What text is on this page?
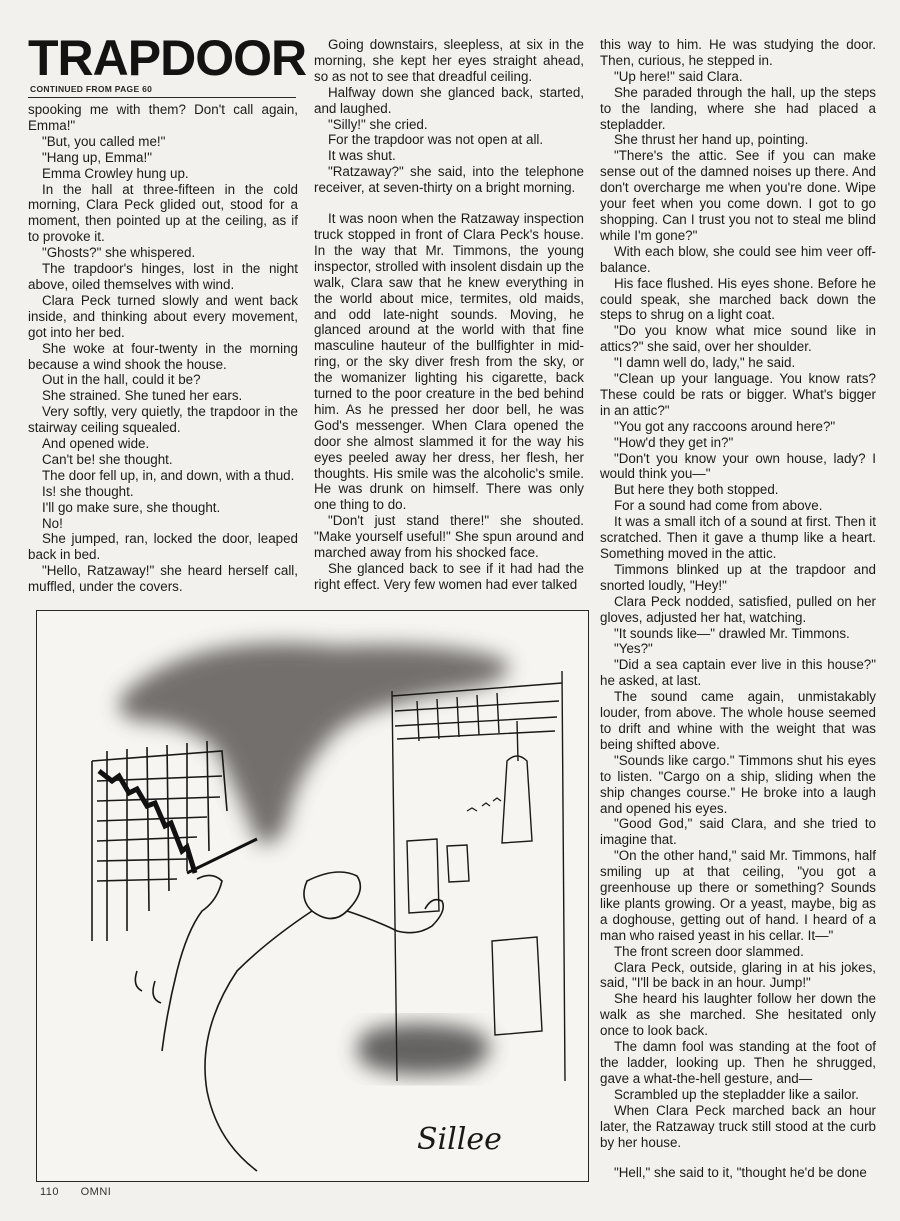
TRAPDOOR
CONTINUED FROM PAGE 60

spooking me with them? Don't call again, Emma!"

"But, you called me!"

"Hang up, Emma!"

Emma Crowley hung up.

In the hall at three-fifteen in the cold morning, Clara Peck glided out, stood for a moment, then pointed up at the ceiling, as if to provoke it.

"Ghosts?" she whispered.

The trapdoor's hinges, lost in the night above, oiled themselves with wind.

Clara Peck turned slowly and went back inside, and thinking about every movement, got into her bed.

She woke at four-twenty in the morning because a wind shook the house.

Out in the hall, could it be?

She strained. She tuned her ears.

Very softly, very quietly, the trapdoor in the stairway ceiling squealed.

And opened wide.

Can't be! she thought.

The door fell up, in, and down, with a thud.

Is! she thought.

I'll go make sure, she thought.

No!

She jumped, ran, locked the door, leaped back in bed.

"Hello, Ratzaway!" she heard herself call, muffled, under the covers.

Going downstairs, sleepless, at six in the morning, she kept her eyes straight ahead, so as not to see that dreadful ceiling.

Halfway down she glanced back, started, and laughed.

"Silly!" she cried.

For the trapdoor was not open at all.

It was shut.

"Ratzaway?" she said, into the telephone receiver, at seven-thirty on a bright morning.

It was noon when the Ratzaway inspection truck stopped in front of Clara Peck's house. In the way that Mr. Timmons, the young inspector, strolled with insolent disdain up the walk, Clara saw that he knew everything in the world about mice, termites, old maids, and odd late-night sounds. Moving, he glanced around at the world with that fine masculine hauteur of the bullfighter in mid-ring, or the sky diver fresh from the sky, or the womanizer lighting his cigarette, back turned to the poor creature in the bed behind him. As he pressed her door bell, he was God's messenger. When Clara opened the door she almost slammed it for the way his eyes peeled away her dress, her flesh, her thoughts. His smile was the alcoholic's smile. He was drunk on himself. There was only one thing to do.

"Don't just stand there!" she shouted. "Make yourself useful!" She spun around and marched away from his shocked face.

She glanced back to see if it had had the right effect. Very few women had ever talked

this way to him. He was studying the door. Then, curious, he stepped in.

"Up here!" said Clara.

She paraded through the hall, up the steps to the landing, where she had placed a stepladder.

She thrust her hand up, pointing.

"There's the attic. See if you can make sense out of the damned noises up there. And don't overcharge me when you're done. Wipe your feet when you come down. I got to go shopping. Can I trust you not to steal me blind while I'm gone?"

With each blow, she could see him veer off-balance.

His face flushed. His eyes shone. Before he could speak, she marched back down the steps to shrug on a light coat.

"Do you know what mice sound like in attics?" she said, over her shoulder.

"I damn well do, lady," he said.

"Clean up your language. You know rats? These could be rats or bigger. What's bigger in an attic?"

"You got any raccoons around here?"

"How'd they get in?"

"Don't you know your own house, lady? I would think you—"

But here they both stopped.

For a sound had come from above.

It was a small itch of a sound at first. Then it scratched. Then it gave a thump like a heart. Something moved in the attic.

Timmons blinked up at the trapdoor and snorted loudly, "Hey!"

Clara Peck nodded, satisfied, pulled on her gloves, adjusted her hat, watching.

"It sounds like—" drawled Mr. Timmons.

"Yes?"

"Did a sea captain ever live in this house?" he asked, at last.

The sound came again, unmistakably louder, from above. The whole house seemed to drift and whine with the weight that was being shifted above.

"Sounds like cargo." Timmons shut his eyes to listen. "Cargo on a ship, sliding when the ship changes course." He broke into a laugh and opened his eyes.

"Good God," said Clara, and she tried to imagine that.

"On the other hand," said Mr. Timmons, half smiling up at that ceiling, "you got a greenhouse up there or something? Sounds like plants growing. Or a yeast, maybe, big as a doghouse, getting out of hand. I heard of a man who raised yeast in his cellar. It—"

The front screen door slammed.

Clara Peck, outside, glaring in at his jokes, said, "I'll be back in an hour. Jump!"

She heard his laughter follow her down the walk as she marched. She hesitated only once to look back.

The damn fool was standing at the foot of the ladder, looking up. Then he shrugged, gave a what-the-hell gesture, and—

Scrambled up the stepladder like a sailor.

When Clara Peck marched back an hour later, the Ratzaway truck still stood at the curb by her house.

"Hell," she said to it, "thought he'd be done

Sillee
110 OMNI
